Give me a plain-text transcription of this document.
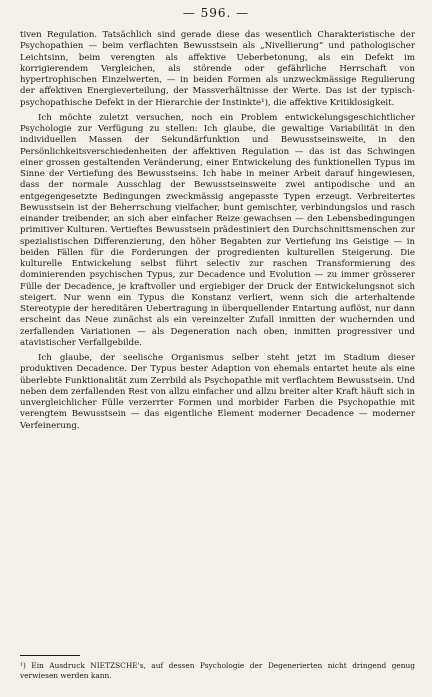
— 596. —

tiven Regulation. Tatsächlich sind gerade diese das wesentlich Charakteristische der Psychopathien — beim verflachten Bewusstsein als „Nivellierung“ und pathologischer Leichtsinn, beim verengten als affektive Ueberbetonung, als ein Defekt im korrigierendem Vergleichen, als störende oder gefährliche Herrschaft von hypertrophischen Einzelwerten, — in beiden Formen als unzweckmässige Regulierung der affektiven Energieverteilung, der Massverhältnisse der Werte. Das ist der typisch-psychopathische Defekt in der Hierarchie der Instinkte¹), die affektive Kritiklosigkeit.

Ich möchte zuletzt versuchen, noch ein Problem entwickelungsgeschichtlicher Psychologie zur Verfügung zu stellen: Ich glaube, die gewaltige Variabilität in den individuellen Massen der Sekundärfunktion und Bewusstseinsweite, in den Persönlichkeitsverschiedenheiten der affektiven Regulation — das ist das Schwingen einer grossen gestaltenden Veränderung, einer Entwickelung des funktionellen Typus im Sinne der Vertiefung des Bewusstseins. Ich habe in meiner Arbeit darauf hingewiesen, dass der normale Ausschlag der Bewusstseinsweite zwei antipodische und an entgegengesetzte Bedingungen zweckmässig angepasste Typen erzeugt. Verbreitertes Bewusstsein ist der Beherrschung vielfacher, bunt gemischter, verbindungslos und rasch einander treibender, an sich aber einfacher Reize gewachsen — den Lebensbedingungen primitiver Kulturen. Vertieftes Bewusstsein prädestiniert den Durchschnittsmenschen zur spezialistischen Differenzierung, den höher Begabten zur Vertiefung ins Geistige — in beiden Fällen für die Forderungen der progredienten kulturellen Steigerung. Die kulturelle Entwickelung selbst führt selectiv zur raschen Transformierung des dominierenden psychischen Typus, zur Decadence und Evolution — zu immer grösserer Fülle der Decadence, je kraftvoller und ergiebiger der Druck der Entwickelungsnot sich steigert. Nur wenn ein Typus die Konstanz verliert, wenn sich die arterhaltende Stereotypie der hereditären Uebertragung in überquellender Entartung auflöst, nur dann erscheint das Neue zunächst als ein vereinzelter Zufall inmitten der wuchernden und zerfallenden Variationen — als Degeneration nach oben, inmitten progressiver und atavistischer Verfallgebilde.

Ich glaube, der seelische Organismus selber steht jetzt im Stadium dieser produktiven Decadence. Der Typus bester Adaption von ehemals entartet heute als eine überlebte Funktionalität zum Zerrbild als Psychopathie mit verflachtem Bewusstsein. Und neben dem zerfallenden Rest von allzu einfacher und allzu breiter alter Kraft häuft sich in unvergleichlicher Fülle verzerrter Formen und morbider Farben die Psychopathie mit verengtem Bewusstsein — das eigentliche Element moderner Decadence — moderner Verfeinerung.

¹) Ein Ausdruck NIETZSCHE's, auf dessen Psychologie der Degenerierten nicht dringend genug verwiesen werden kann.
